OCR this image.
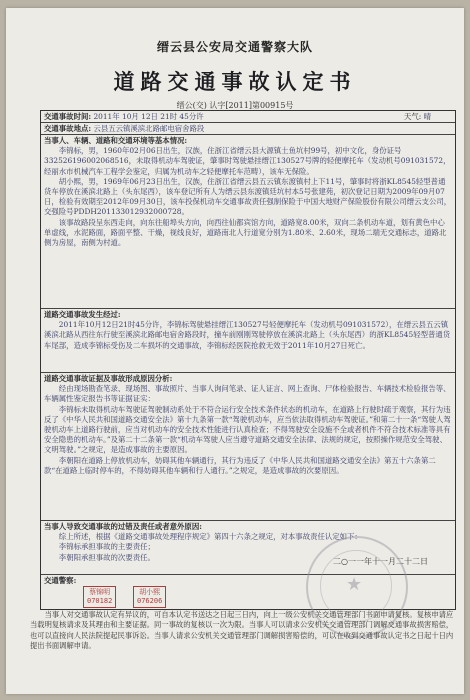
缙云县公安局交通警察大队
道路交通事故认定书
缙公(交) 认字[2011]第00915号
交通事故时间: 2011年 10月 12日 21时 45分许	天气: 晴
交通事故地点: 云县五云镇溪滨北路邮电宿舍路段
当事人、车辆、道路和交通环境等基本情况:

李锦标，男，1960年02月06日出生，汉族，住浙江省缙云县大源镇土鱼坑村99号，初中文化，身份证号332526196002068516，未取得机动车驾驶证，肇事时驾驶悬挂缙江130527号牌的轻便摩托车（发动机号091031572，经丽水市机械汽车工程学会鉴定，归属为机动车之轻便摩托车范畴），该车无保险。

胡小熙，男，1969年06月23日出生，汉族，住浙江省缙云县五云镇东渡镇村上下11号，肇事时将浙KL8545轻型普通货车停放在溪滨北路上（头东尾西），该车登记所有人为缙云县东渡镇廷坑村本5号张建苑，初次登记日期为2009年09月07日，检验有效期至2012年09月30日，该车投保机动车交通事故责任强制保险于中国大地财产保险股份有限公司缙云支公司，交强险号PDDH201133012932000728。

该事故路段呈东西走向，向东往船埠头方向，向西往仙都宾馆方向，道路宽8.00米，双向二条机动车道，划有黄色中心单虚线，水泥路面，路面平整、干燥，视线良好，道路南北人行道宽分别为1.80米、2.60米，现场二端无交通标志，道路北侧为房屋，南侧为村道。

道路交通事故发生经过:

2011年10月12日21时45分许，李锦标驾驶悬挂缙江130527号轻便摩托车（发动机号091031572），在缙云县五云镇溪滨北路从西往东行驶至溪滨北路邮电宿舍路段时，撞车前刚刚驾驶停放在溪滨北路上（头东尾西）的浙KL8545轻型普通货车尾部，造成李锦标受伤及二车损坏的交通事故，李锦标经医院抢救无效于2011年10月27日死亡。

道路交通事故证据及事故形成原因分析:

经由现场勘查笔录、现场图、事故照片、当事人询问笔录、证人证言、网上查询、尸体检验报告、车辆技术检验报告等、车辆属性鉴定报告书等证据证实：

李锦标未取得机动车驾驶证驾驶制动系处于不符合运行安全技术条件状态的机动车，在道路上行驶时疏于观察，其行为违反了《中华人民共和国道路交通安全法》第十九条第一款“驾驶机动车，应当依法取得机动车驾驶证。”和第二十一条“驾驶人驾驶机动车上道路行驶前，应当对机动车的安全技术性能进行认真检查；不得驾驶安全设施不全或者机件不符合技术标准等具有安全隐患的机动车。”及第二十二条第一款“机动车驾驶人应当遵守道路交通安全法律、法规的规定，按照操作规范安全驾驶、文明驾驶。”之规定，是造成事故的主要原因。

李朝阳在道路上停放机动车，妨碍其他车辆通行，其行为违反了《中华人民共和国道路交通安全法》第五十六条第二款“在道路上临时停车的，不得妨碍其他车辆和行人通行。”之规定，是造成事故的次要原因。

当事人导致交通事故的过错及责任或者意外原因:

综上所述，根据《道路交通事故处理程序规定》第四十六条之规定，对本事故责任认定如下：

李锦标承担事故的主要责任；

李朝阳承担事故的次要责任。

交通警察:
蔡锦明
070182
胡小熙
076206
★
二○一一年十一月二十二日
当事人对交通事故认定有异议的，可自本认定书送达之日起三日内，向上一级公安机关交通管理部门书面申请复核。复核申请应当载明复核请求及其理由和主要证据。同一事故的复核以一次为限。当事人可以请求公安机关交通管理部门调解交通事故损害赔偿，也可以直接向人民法院提起民事诉讼。当事人请求公安机关交通管理部门调解损害赔偿的，可以在收到交通事故认定书之日起十日内提出书面调解申请。
